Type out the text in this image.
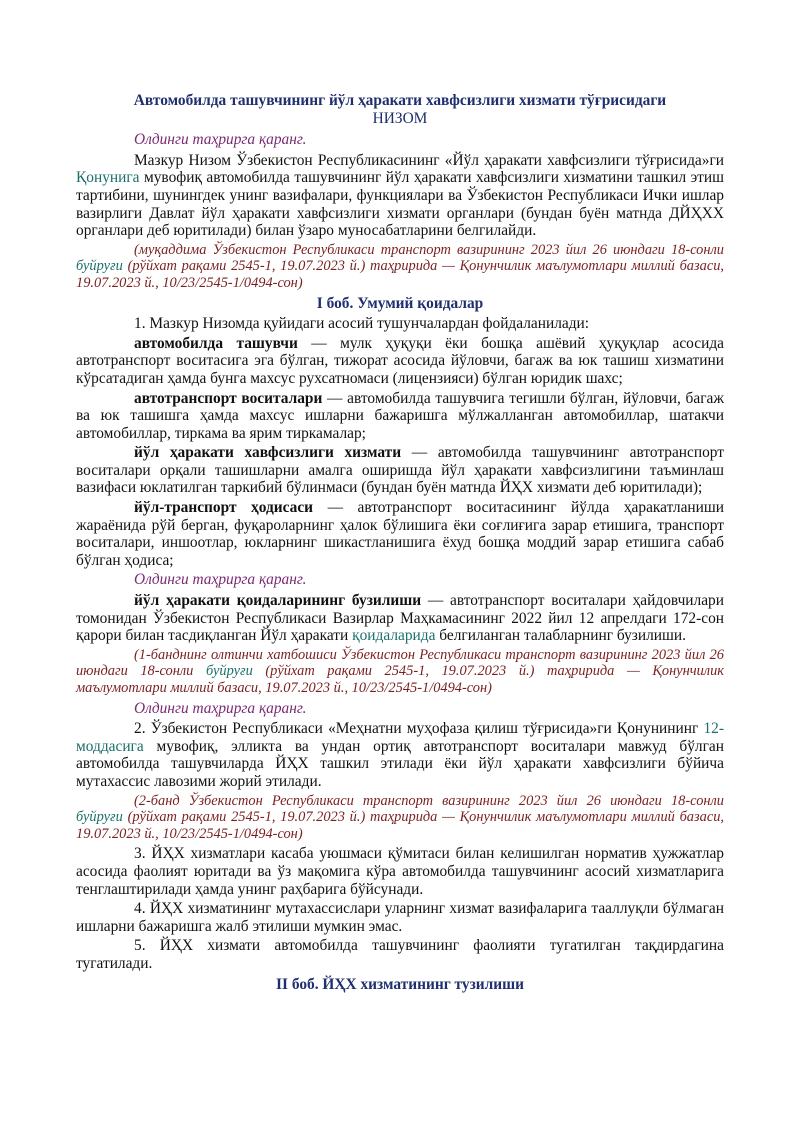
Автомобилда ташувчининг йўл ҳаракати хавфсизлиги хизмати тўғрисидаги
НИЗОМ
Олдинги таҳрирга қаранг.

Мазкур Низом Ўзбекистон Республикасининг «Йўл ҳаракати хавфсизлиги тўғрисида»ги Қонунига мувофиқ автомобилда ташувчининг йўл ҳаракати хавфсизлиги хизматини ташкил этиш тартибини, шунингдек унинг вазифалари, функциялари ва Ўзбекистон Республикаси Ички ишлар вазирлиги Давлат йўл ҳаракати хавфсизлиги хизмати органлари (бундан буён матнда ДЙҲХХ органлари деб юритилади) билан ўзаро муносабатларини белгилайди.

(муқаддима Ўзбекистон Республикаси транспорт вазирининг 2023 йил 26 июндаги 18-сонли буйруғи (рўйхат рақами 2545-1, 19.07.2023 й.) таҳририда — Қонунчилик маълумотлари миллий базаси, 19.07.2023 й., 10/23/2545-1/0494-сон)

I боб. Умумий қоидалар

1. Мазкур Низомда қуйидаги асосий тушунчалардан фойдаланилади:

автомобилда ташувчи — мулк ҳуқуқи ёки бошқа ашёвий ҳуқуқлар асосида автотранспорт воситасига эга бўлган, тижорат асосида йўловчи, багаж ва юк ташиш хизматини кўрсатадиган ҳамда бунга махсус рухсатномаси (лицензияси) бўлган юридик шахс;

автотранспорт воситалари — автомобилда ташувчига тегишли бўлган, йўловчи, багаж ва юк ташишга ҳамда махсус ишларни бажаришга мўлжалланган автомобиллар, шатакчи автомобиллар, тиркама ва ярим тиркамалар;

йўл ҳаракати хавфсизлиги хизмати — автомобилда ташувчининг автотранспорт воситалари орқали ташишларни амалга оширишда йўл ҳаракати хавфсизлигини таъминлаш вазифаси юклатилган таркибий бўлинмаси (бундан буён матнда ЙҲХ хизмати деб юритилади);

йўл-транспорт ҳодисаси — автотранспорт воситасининг йўлда ҳаракатланиши жараёнида рўй берган, фуқароларнинг ҳалок бўлишига ёки соғлиғига зарар етишига, транспорт воситалари, иншоотлар, юкларнинг шикастланишига ёхуд бошқа моддий зарар етишига сабаб бўлган ҳодиса;

Олдинги таҳрирга қаранг.

йўл ҳаракати қоидаларининг бузилиши — автотранспорт воситалари ҳайдовчилари томонидан Ўзбекистон Республикаси Вазирлар Маҳкамасининг 2022 йил 12 апрелдаги 172-сон қарори билан тасдиқланган Йўл ҳаракати қоидаларида белгиланган талабларнинг бузилиши.

(1-банднинг олтинчи хатбошиси Ўзбекистон Республикаси транспорт вазирининг 2023 йил 26 июндаги 18-сонли буйруғи (рўйхат рақами 2545-1, 19.07.2023 й.) таҳририда — Қонунчилик маълумотлари миллий базаси, 19.07.2023 й., 10/23/2545-1/0494-сон)

Олдинги таҳрирга қаранг.

2. Ўзбекистон Республикаси «Меҳнатни муҳофаза қилиш тўғрисида»ги Қонунининг 12-моддасига мувофиқ, элликта ва ундан ортиқ автотранспорт воситалари мавжуд бўлган автомобилда ташувчиларда ЙҲХ ташкил этилади ёки йўл ҳаракати хавфсизлиги бўйича мутахассис лавозими жорий этилади.

(2-банд Ўзбекистон Республикаси транспорт вазирининг 2023 йил 26 июндаги 18-сонли буйруғи (рўйхат рақами 2545-1, 19.07.2023 й.) таҳририда — Қонунчилик маълумотлари миллий базаси, 19.07.2023 й., 10/23/2545-1/0494-сон)

3. ЙҲХ хизматлари касаба уюшмаси қўмитаси билан келишилган норматив ҳужжатлар асосида фаолият юритади ва ўз мақомига кўра автомобилда ташувчининг асосий хизматларига тенглаштирилади ҳамда унинг раҳбарига бўйсунади.

4. ЙҲХ хизматининг мутахассислари уларнинг хизмат вазифаларига тааллуқли бўлмаган ишларни бажаришга жалб этилиши мумкин эмас.

5. ЙҲХ хизмати автомобилда ташувчининг фаолияти тугатилган тақдирдагина тугатилади.

II боб. ЙҲХ хизматининг тузилиши
